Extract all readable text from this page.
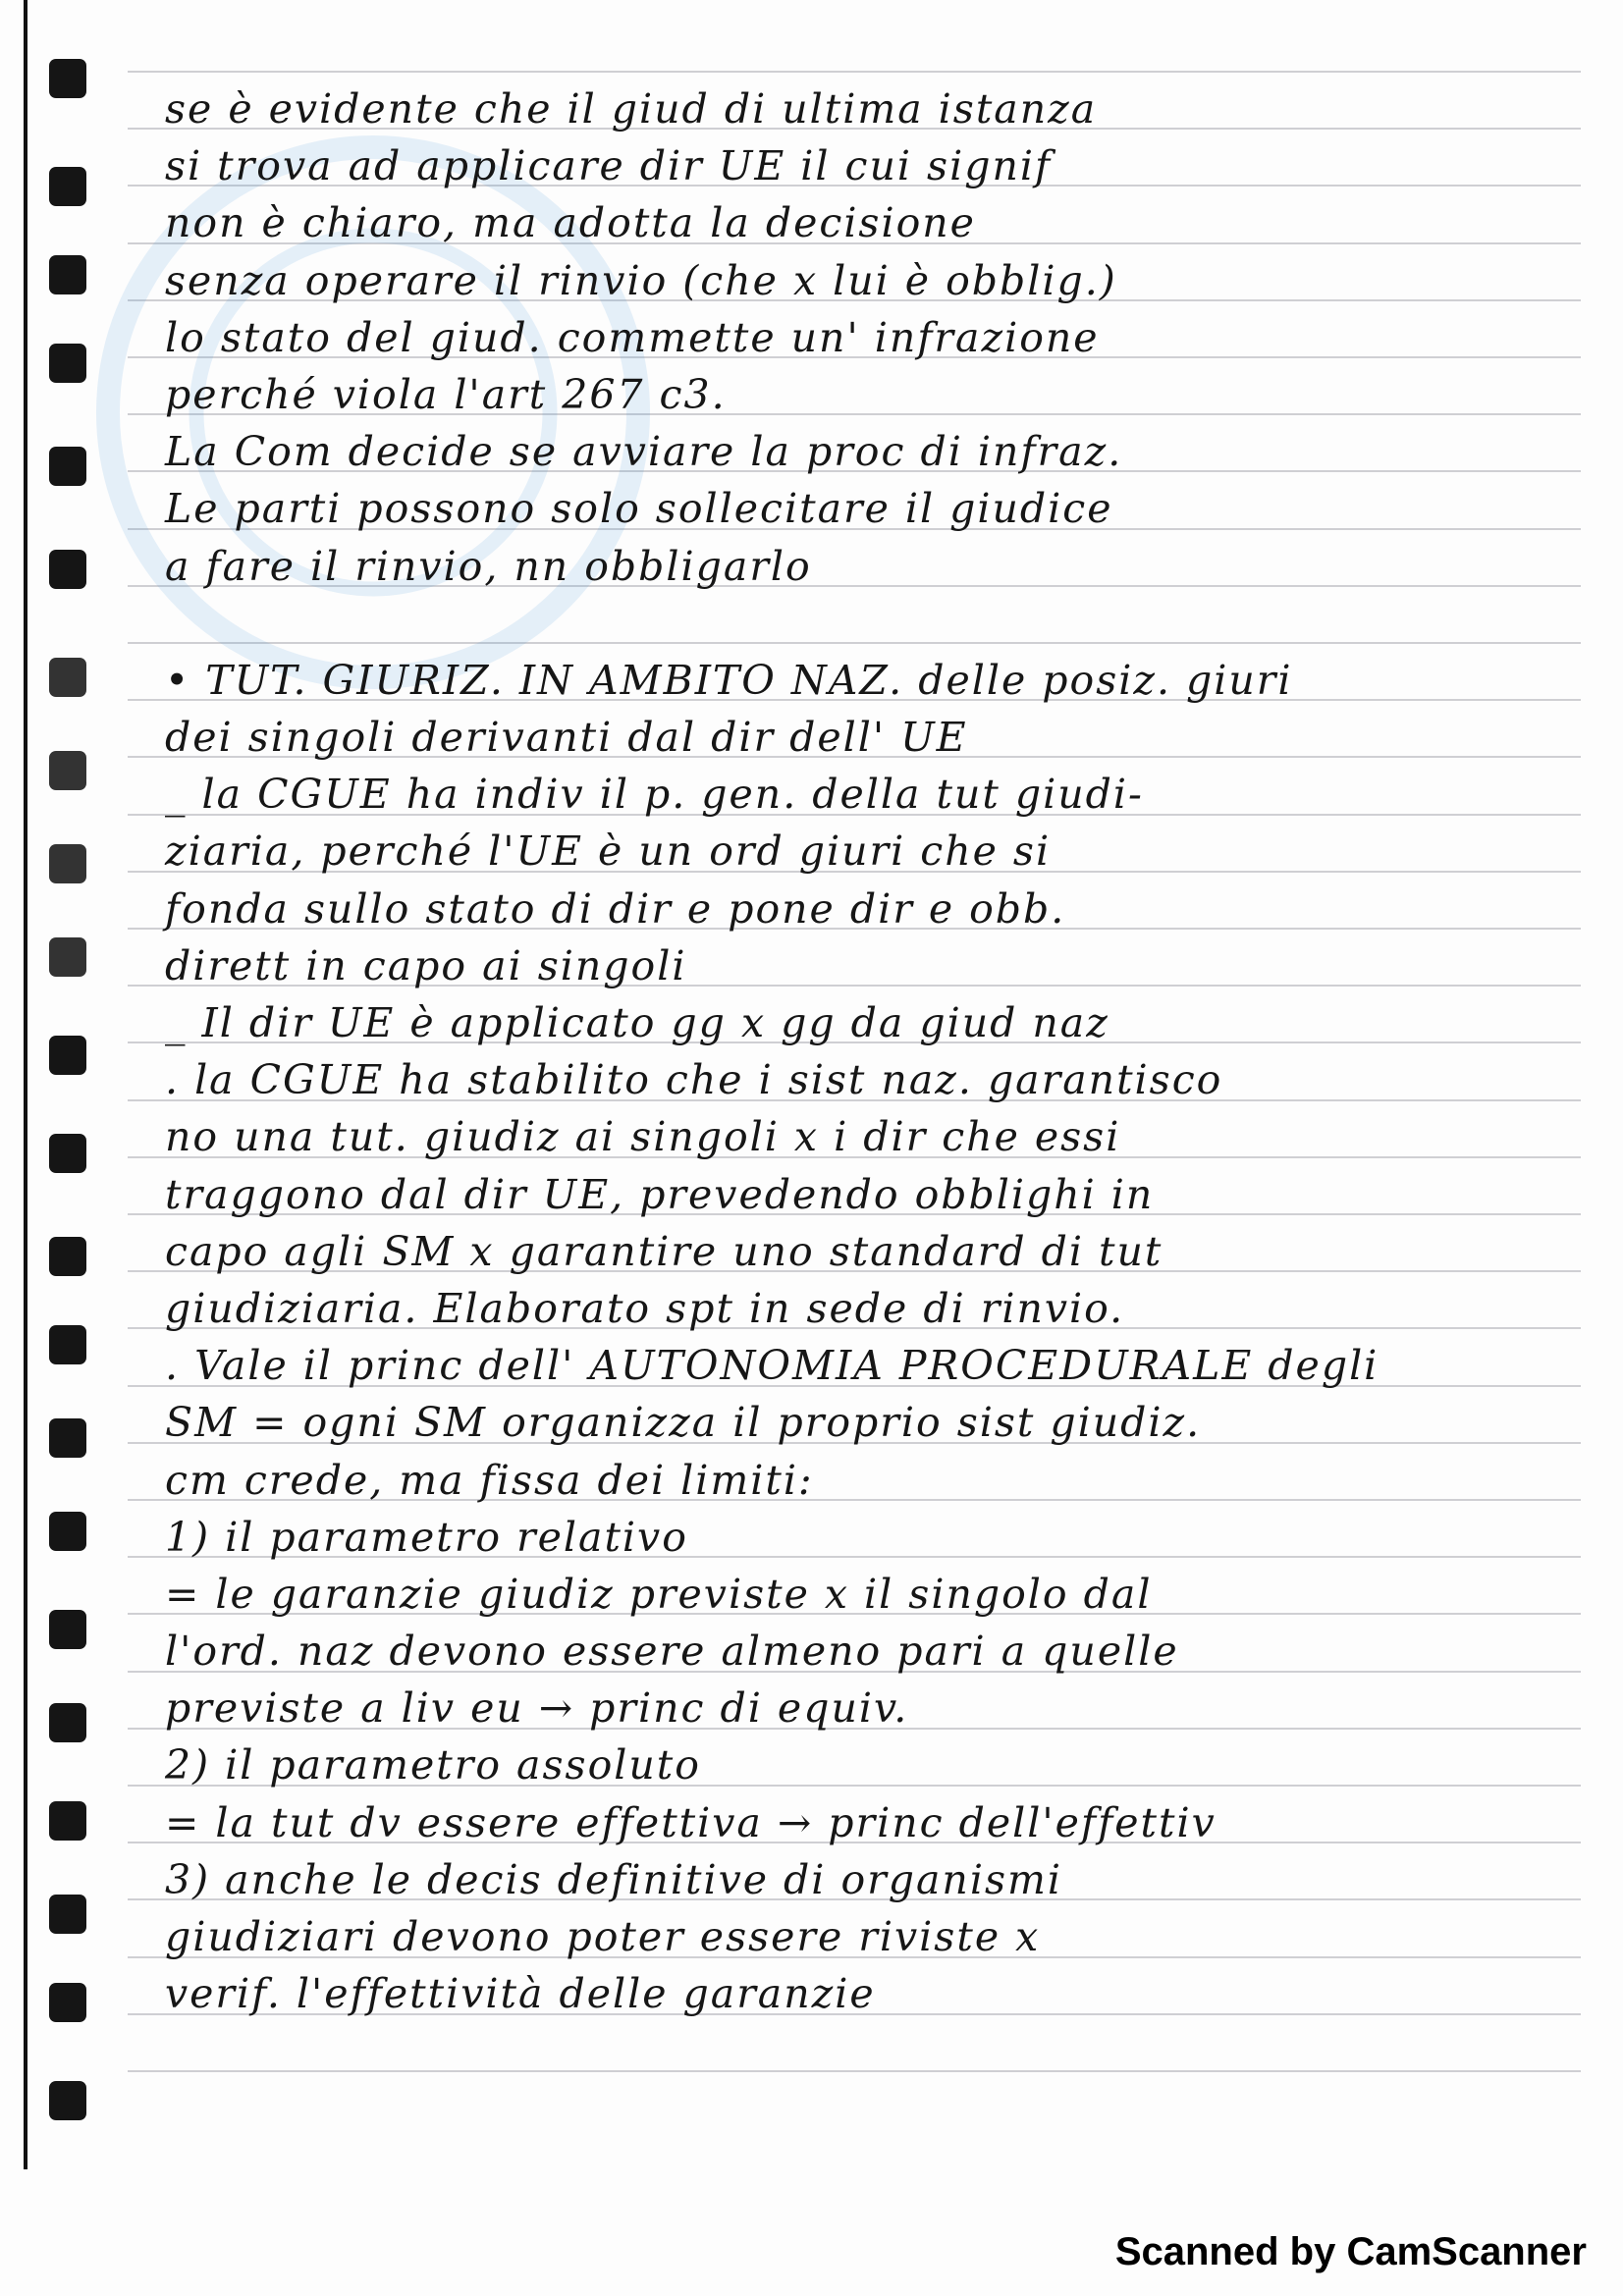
se è evidente che il giud di ultima istanza
si trova ad applicare dir UE il cui signif
non è chiaro, ma adotta la decisione
senza operare il rinvio (che x lui è obblig.)
lo stato del giud. commette un' infrazione
perché viola l'art 267 c3.
La Com decide se avviare la proc di infraz.
Le parti possono solo sollecitare il giudice
a fare il rinvio, nn obbligarlo
• TUT. GIURIZ. IN AMBITO NAZ. delle posiz. giuri
dei singoli derivanti dal dir dell' UE
_ la CGUE ha indiv il p. gen. della tut giudi-
ziaria, perché l'UE è un ord giuri che si
fonda sullo stato di dir e pone dir e obb.
dirett in capo ai singoli
_ Il dir UE è applicato gg x gg da giud naz
. la CGUE ha stabilito che i sist naz. garantisco
no una tut. giudiz ai singoli x i dir che essi
traggono dal dir UE, prevedendo obblighi in
capo agli SM x garantire uno standard di tut
giudiziaria. Elaborato spt in sede di rinvio.
. Vale il princ dell' AUTONOMIA PROCEDURALE degli
SM = ogni SM organizza il proprio sist giudiz.
cm crede, ma fissa dei limiti:
1) il parametro relativo
= le garanzie giudiz previste x il singolo dal
l'ord. naz devono essere almeno pari a quelle
previste a liv eu → princ di equiv.
2) il parametro assoluto
= la tut dv essere effettiva → princ dell'effettiv
3) anche le decis definitive di organismi
giudiziari devono poter essere riviste x
verif. l'effettività delle garanzie
Scanned by CamScanner
